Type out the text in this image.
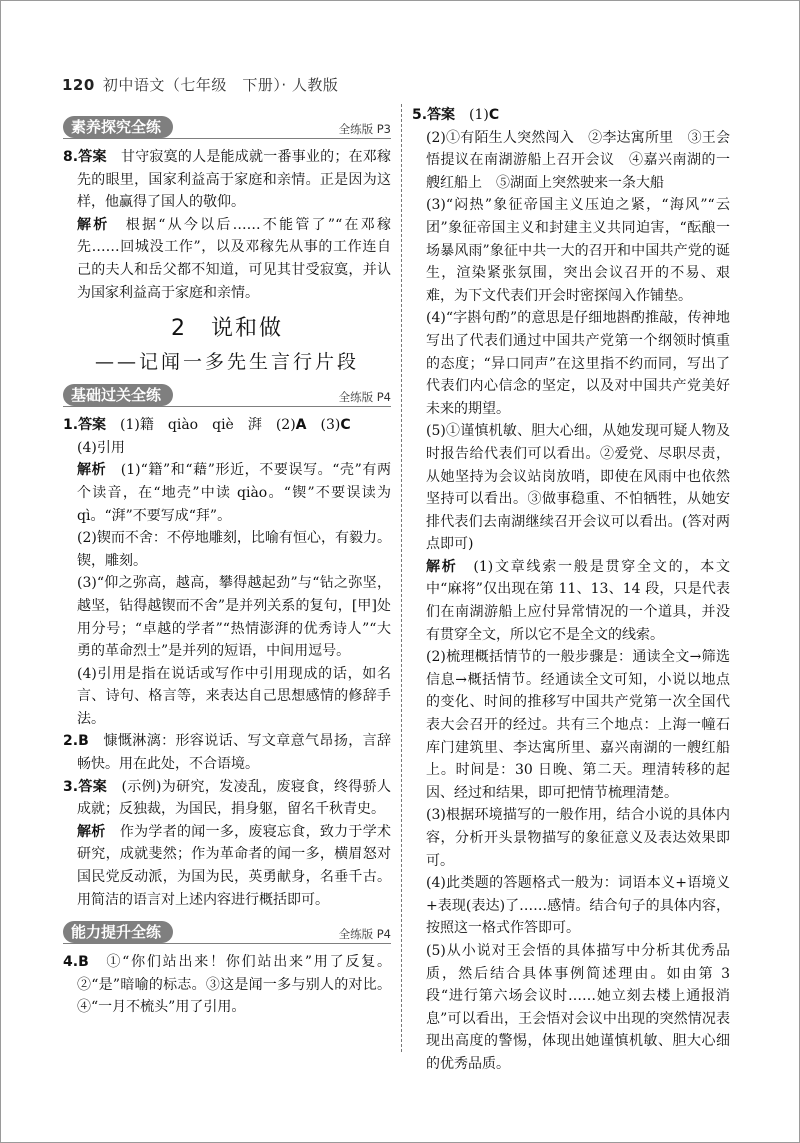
120 初中语文（七年级　下册）· 人教版
素养探究全练	全练版 P3

8.答案　甘守寂寞的人是能成就一番事业的；在邓稼先的眼里，国家利益高于家庭和亲情。正是因为这样，他赢得了国人的敬仰。

解析　根据“从今以后……不能管了”“在邓稼先……回城没工作”，以及邓稼先从事的工作连自己的夫人和岳父都不知道，可见其甘受寂寞，并认为国家利益高于家庭和亲情。

2　说和做
——记闻一多先生言行片段
基础过关全练	全练版 P4

1.答案　(1)籍　qiào　qiè　湃　(2)A　(3)C

(4)引用

解析　(1)“籍”和“藉”形近，不要误写。“壳”有两个读音，在“地壳”中读 qiào。“锲”不要误读为 qì。“湃”不要写成“拜”。

(2)锲而不舍：不停地雕刻，比喻有恒心，有毅力。锲，雕刻。

(3)“仰之弥高，越高，攀得越起劲”与“钻之弥坚，越坚，钻得越锲而不舍”是并列关系的复句，[甲]处用分号；“卓越的学者”“热情澎湃的优秀诗人”“大勇的革命烈士”是并列的短语，中间用逗号。

(4)引用是指在说话或写作中引用现成的话，如名言、诗句、格言等，来表达自己思想感情的修辞手法。

2.B　慷慨淋漓：形容说话、写文章意气昂扬，言辞畅快。用在此处，不合语境。

3.答案　(示例)为研究，发凌乱，废寝食，终得骄人成就；反独裁，为国民，捐身躯，留名千秋青史。

解析　作为学者的闻一多，废寝忘食，致力于学术研究，成就斐然；作为革命者的闻一多，横眉怒对国民党反动派，为国为民，英勇献身，名垂千古。用简洁的语言对上述内容进行概括即可。

能力提升全练	全练版 P4

4.B　①“你们站出来！你们站出来”用了反复。②“是”暗喻的标志。③这是闻一多与别人的对比。④“一月不梳头”用了引用。

5.答案　(1)C

(2)①有陌生人突然闯入　②李达寓所里　③王会悟提议在南湖游船上召开会议　④嘉兴南湖的一艘红船上　⑤湖面上突然驶来一条大船

(3)“闷热”象征帝国主义压迫之紧，“海风”“云团”象征帝国主义和封建主义共同迫害，“酝酿一场暴风雨”象征中共一大的召开和中国共产党的诞生，渲染紧张氛围，突出会议召开的不易、艰难，为下文代表们开会时密探闯入作铺垫。

(4)“字斟句酌”的意思是仔细地斟酌推敲，传神地写出了代表们通过中国共产党第一个纲领时慎重的态度；“异口同声”在这里指不约而同，写出了代表们内心信念的坚定，以及对中国共产党美好未来的期望。

(5)①谨慎机敏、胆大心细，从她发现可疑人物及时报告给代表们可以看出。②爱党、尽职尽责，从她坚持为会议站岗放哨，即使在风雨中也依然坚持可以看出。③做事稳重、不怕牺牲，从她安排代表们去南湖继续召开会议可以看出。(答对两点即可)

解析　(1)文章线索一般是贯穿全文的，本文中“麻将”仅出现在第 11、13、14 段，只是代表们在南湖游船上应付异常情况的一个道具，并没有贯穿全文，所以它不是全文的线索。

(2)梳理概括情节的一般步骤是：通读全文→筛选信息→概括情节。经通读全文可知，小说以地点的变化、时间的推移写中国共产党第一次全国代表大会召开的经过。共有三个地点：上海一幢石库门建筑里、李达寓所里、嘉兴南湖的一艘红船上。时间是：30 日晚、第二天。理清转移的起因、经过和结果，即可把情节梳理清楚。

(3)根据环境描写的一般作用，结合小说的具体内容，分析开头景物描写的象征意义及表达效果即可。

(4)此类题的答题格式一般为：词语本义+语境义+表现(表达)了……感情。结合句子的具体内容，按照这一格式作答即可。

(5)从小说对王会悟的具体描写中分析其优秀品质，然后结合具体事例简述理由。如由第 3 段“进行第六场会议时……她立刻去楼上通报消息”可以看出，王会悟对会议中出现的突然情况表现出高度的警惕，体现出她谨慎机敏、胆大心细的优秀品质。
